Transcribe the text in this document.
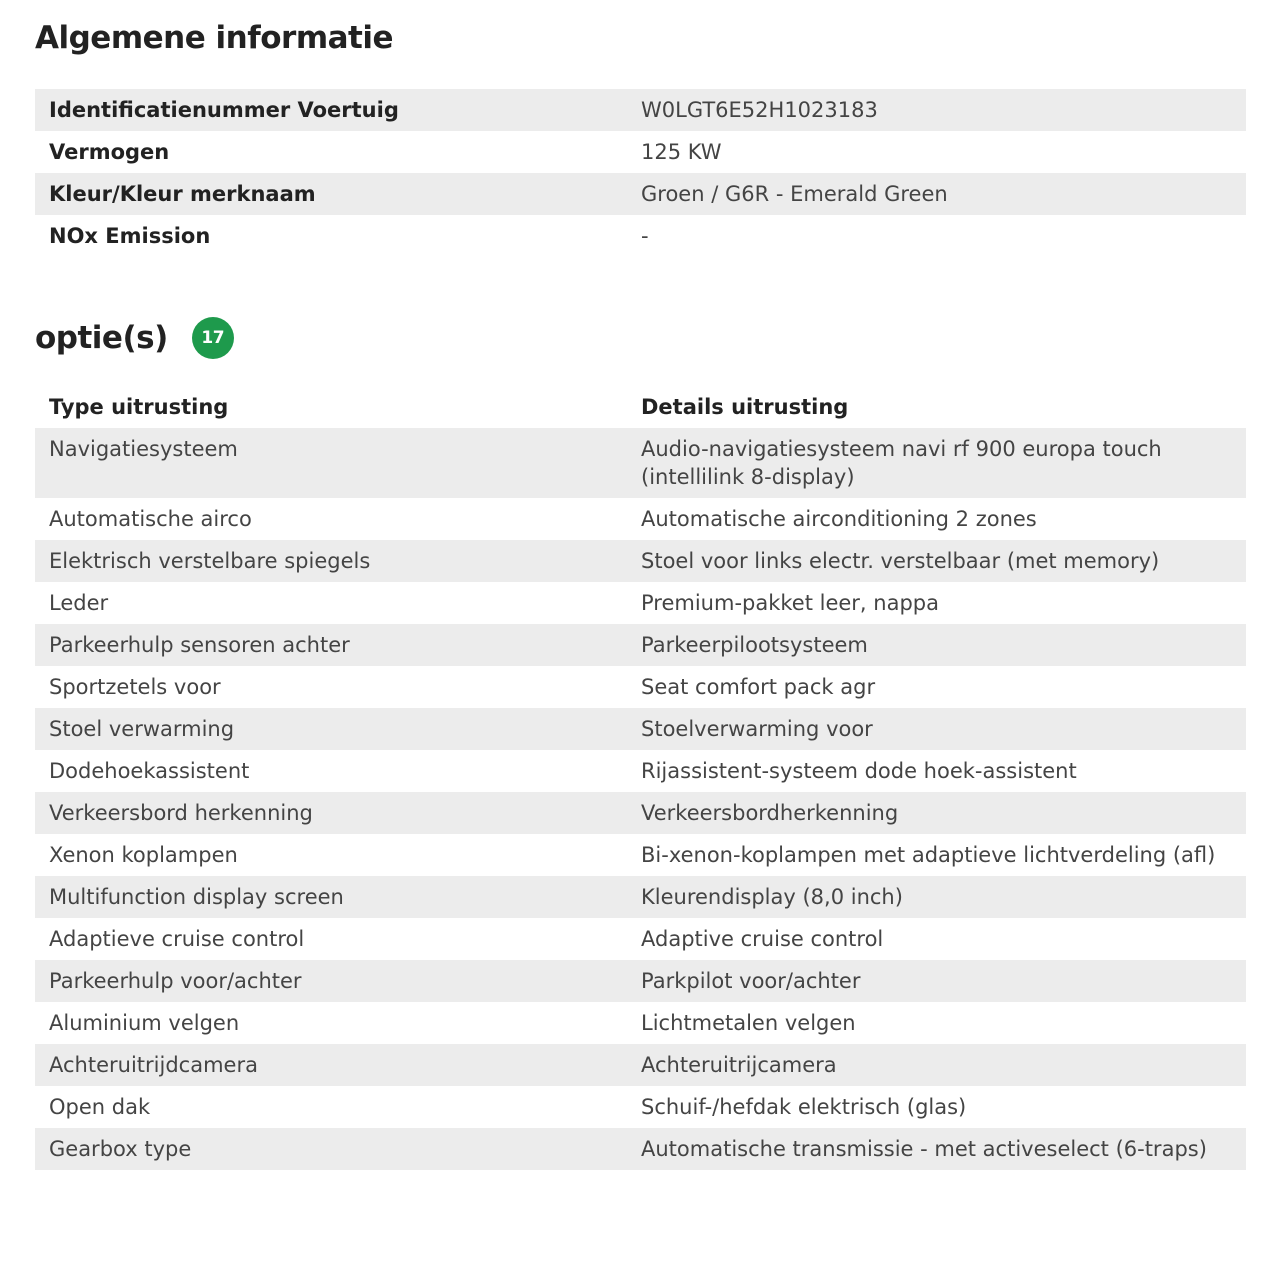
Algemene informatie
Identificatienummer Voertuig	W0LGT6E52H1023183
Vermogen	125 KW
Kleur/Kleur merknaam	Groen / G6R - Emerald Green
NOx Emission	-
optie(s)	17
Type uitrusting	Details uitrusting
Navigatiesysteem	Audio-navigatiesysteem navi rf 900 europa touch (intellilink 8-display)
Automatische airco	Automatische airconditioning 2 zones
Elektrisch verstelbare spiegels	Stoel voor links electr. verstelbaar (met memory)
Leder	Premium-pakket leer, nappa
Parkeerhulp sensoren achter	Parkeerpilootsysteem
Sportzetels voor	Seat comfort pack agr
Stoel verwarming	Stoelverwarming voor
Dodehoekassistent	Rijassistent-systeem dode hoek-assistent
Verkeersbord herkenning	Verkeersbordherkenning
Xenon koplampen	Bi-xenon-koplampen met adaptieve lichtverdeling (afl)
Multifunction display screen	Kleurendisplay (8,0 inch)
Adaptieve cruise control	Adaptive cruise control
Parkeerhulp voor/achter	Parkpilot voor/achter
Aluminium velgen	Lichtmetalen velgen
Achteruitrijdcamera	Achteruitrijcamera
Open dak	Schuif-/hefdak elektrisch (glas)
Gearbox type	Automatische transmissie - met activeselect (6-traps)
